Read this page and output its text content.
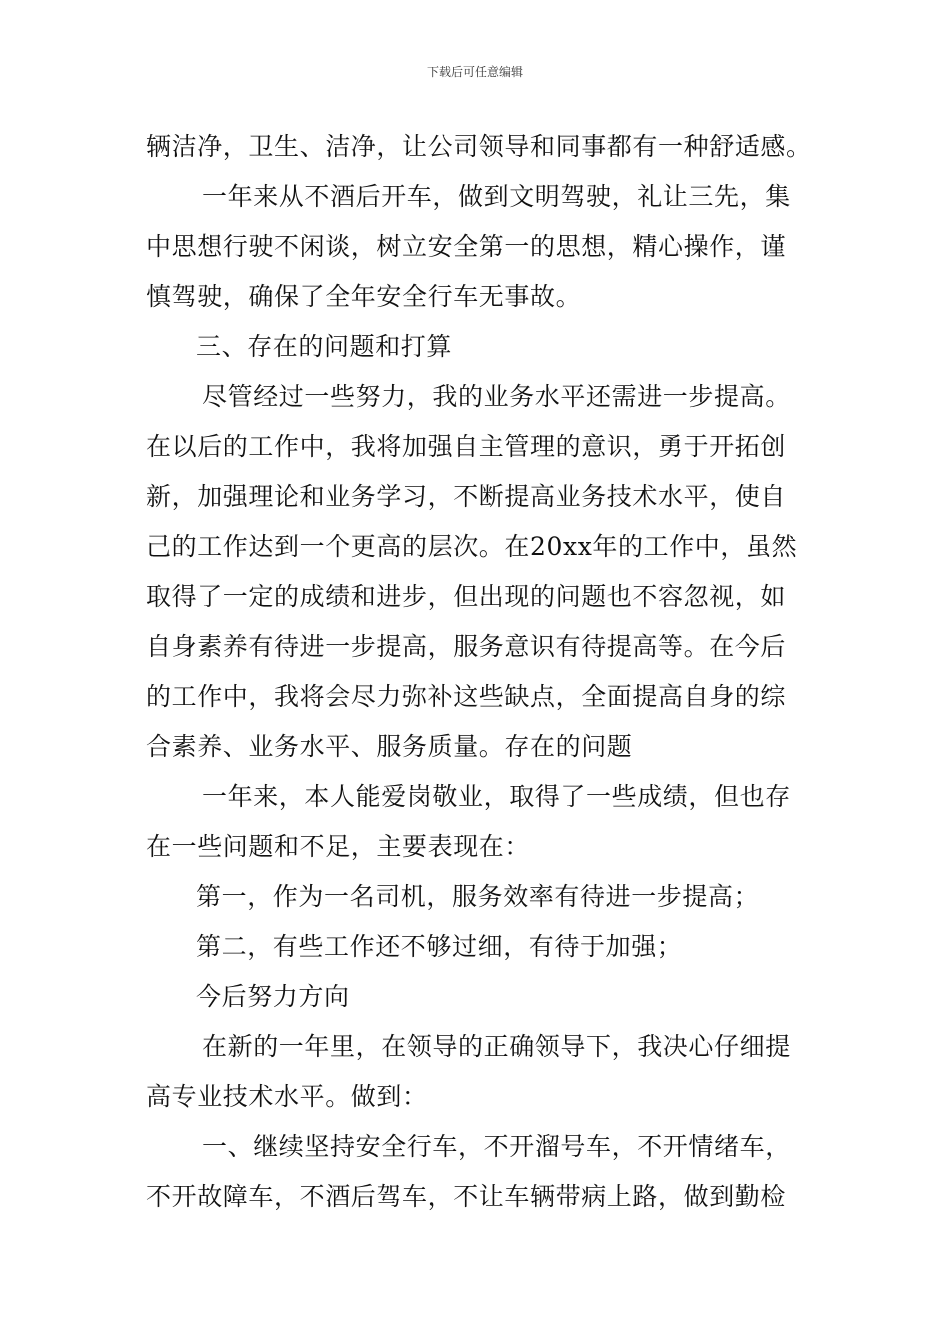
下载后可任意编辑
辆洁净，卫生、洁净，让公司领导和同事都有一种舒适感。
一年来从不酒后开车，做到文明驾驶，礼让三先，集
中思想行驶不闲谈，树立安全第一的思想，精心操作，谨
慎驾驶，确保了全年安全行车无事故。
三、存在的问题和打算
尽管经过一些努力，我的业务水平还需进一步提高。
在以后的工作中，我将加强自主管理的意识，勇于开拓创
新，加强理论和业务学习，不断提高业务技术水平，使自
己的工作达到一个更高的层次。在20xx年的工作中，虽然
取得了一定的成绩和进步，但出现的问题也不容忽视，如
自身素养有待进一步提高，服务意识有待提高等。在今后
的工作中，我将会尽力弥补这些缺点，全面提高自身的综
合素养、业务水平、服务质量。存在的问题
一年来，本人能爱岗敬业，取得了一些成绩，但也存
在一些问题和不足，主要表现在：
第一，作为一名司机，服务效率有待进一步提高；
第二，有些工作还不够过细，有待于加强；
今后努力方向
在新的一年里，在领导的正确领导下，我决心仔细提
高专业技术水平。做到：
一、继续坚持安全行车，不开溜号车，不开情绪车，
不开故障车，不酒后驾车，不让车辆带病上路，做到勤检
